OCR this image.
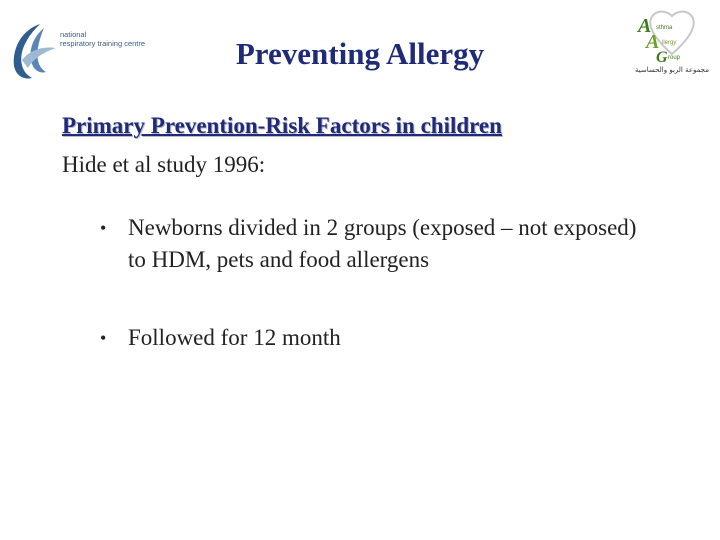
national
respiratory training centre
A sthma
A llergy
G roup
مجموعة الربو والحساسية
Preventing Allergy
Primary Prevention-Risk Factors in children
Hide et al study 1996:
• Newborns divided in 2 groups (exposed – not exposed) to HDM, pets and food allergens
• Followed for 12 month
